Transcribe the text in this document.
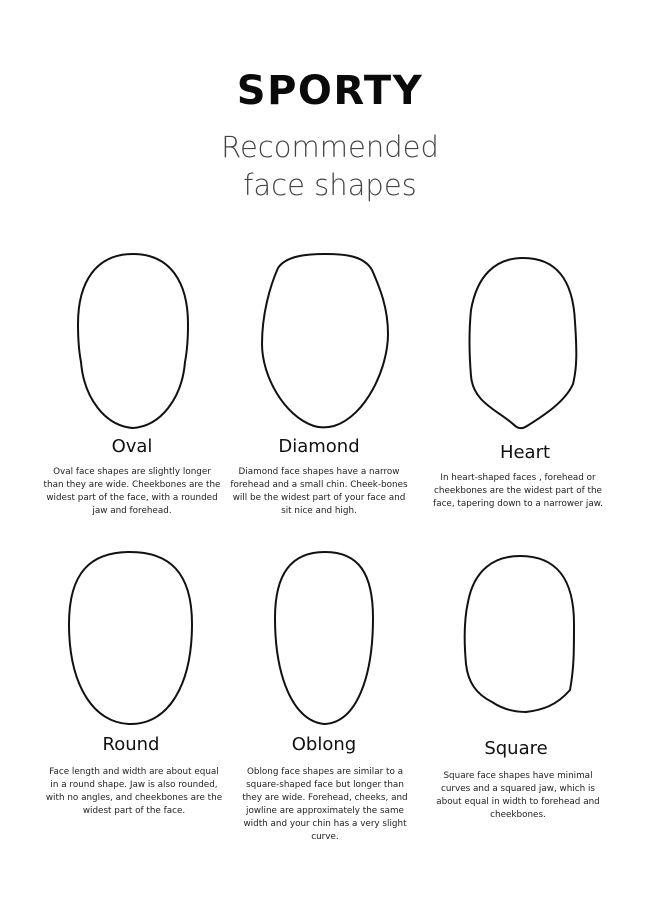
SPORTY
Recommended
face shapes
Oval
Oval face shapes are slightly longer than they are wide. Cheekbones are the widest part of the face, with a rounded jaw and forehead.
Diamond
Diamond face shapes have a narrow forehead and a small chin. Cheek-bones will be the widest part of your face and sit nice and high.
Heart
In heart-shaped faces , forehead or cheekbones are the widest part of the face, tapering down to a narrower jaw.
Round
Face length and width are about equal in a round shape. Jaw is also rounded, with no angles, and cheekbones are the widest part of the face.
Oblong
Oblong face shapes are similar to a square-shaped face but longer than they are wide. Forehead, cheeks, and jowline are approximately the same width and your chin has a very slight curve.
Square
Square face shapes have minimal curves and a squared jaw, which is about equal in width to forehead and cheekbones.
